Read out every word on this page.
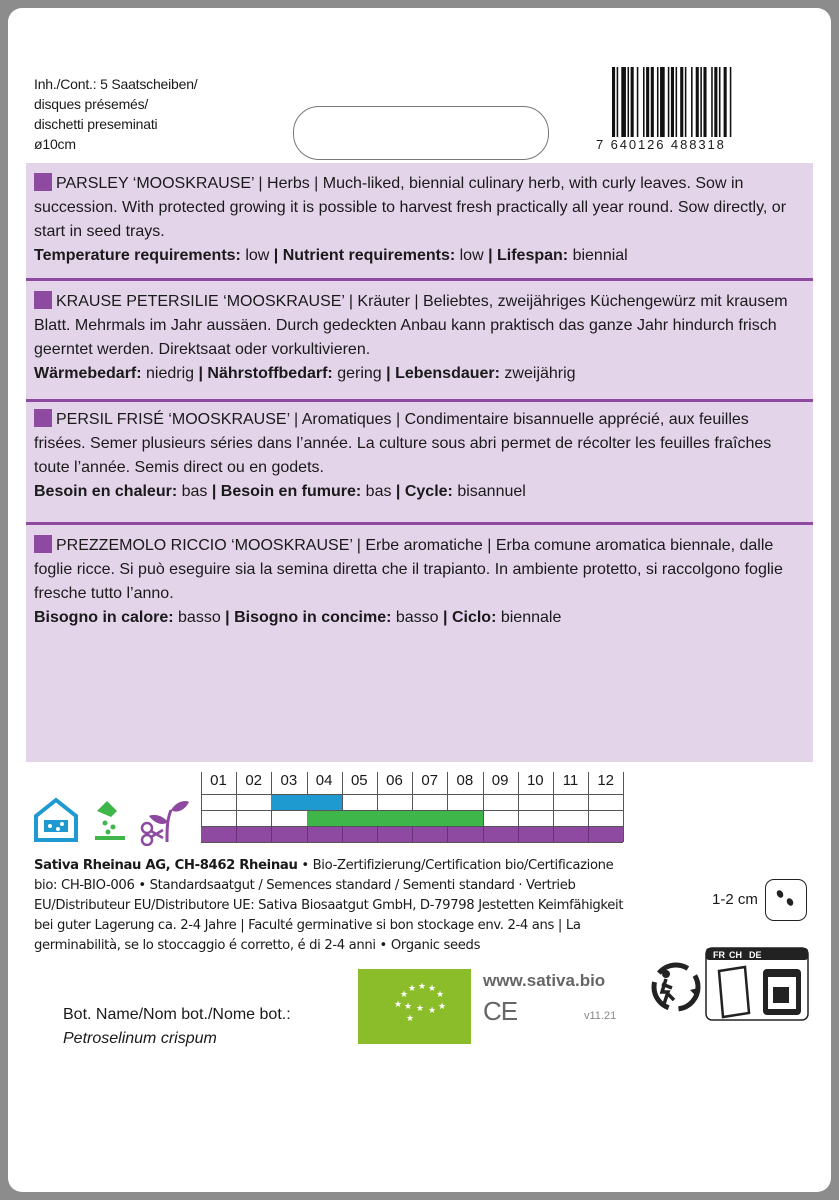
Inh./Cont.: 5 Saatscheiben/
disques présemés/
dischetti preseminati
ø10cm	7 640126 488318
PARSLEY ‘MOOSKRAUSE’ | Herbs | Much-liked, biennial culinary herb, with curly leaves. Sow in succession. With protected growing it is possible to harvest fresh practically all year round. Sow directly, or start in seed trays.
Temperature requirements: low | Nutrient requirements: low | Lifespan: biennial
KRAUSE PETERSILIE ‘MOOSKRAUSE’ | Kräuter | Beliebtes, zweijähriges Küchengewürz mit krausem Blatt. Mehrmals im Jahr aussäen. Durch gedeckten Anbau kann praktisch das ganze Jahr hindurch frisch geerntet werden. Direktsaat oder vorkultivieren.
Wärmebedarf: niedrig | Nährstoffbedarf: gering | Lebensdauer: zweijährig
PERSIL FRISÉ ‘MOOSKRAUSE’ | Aromatiques | Condimentaire bisannuelle apprécié, aux feuilles frisées. Semer plusieurs séries dans l’année. La culture sous abri permet de récolter les feuilles fraîches toute l’année. Semis direct ou en godets.
Besoin en chaleur: bas | Besoin en fumure: bas | Cycle: bisannuel
PREZZEMOLO RICCIO ‘MOOSKRAUSE’ | Erbe aromatiche | Erba comune aromatica biennale, dalle foglie ricce. Si può eseguire sia la semina diretta che il trapianto. In ambiente protetto, si raccolgono foglie fresche tutto l’anno.
Bisogno in calore: basso | Bisogno in concime: basso | Ciclo: biennale
01	02	03	04	05	06	07	08	09	10	11	12
Sativa Rheinau AG, CH-8462 Rheinau • Bio-Zertifizierung/Certification bio/Certificazione bio: CH-BIO-006 • Standardsaatgut / Semences standard / Sementi standard · Vertrieb EU/Distributeur EU/Distributore UE: Sativa Biosaatgut GmbH, D-79798 Jestetten Keimfähigkeit bei guter Lagerung ca. 2-4 Jahre | Faculté germinative si bon stockage env. 2-4 ans | La germinabilità, se lo stoccaggio é corretto, é di 2-4 anni • Organic seeds
1-2 cm
★
★ ★ ★
★
★ ★ ★ ★ ★
★
www.sativa.bio
CE	v11.21
Bot. Name/Nom bot./Nome bot.:
Petroselinum crispum
FR CH DE
